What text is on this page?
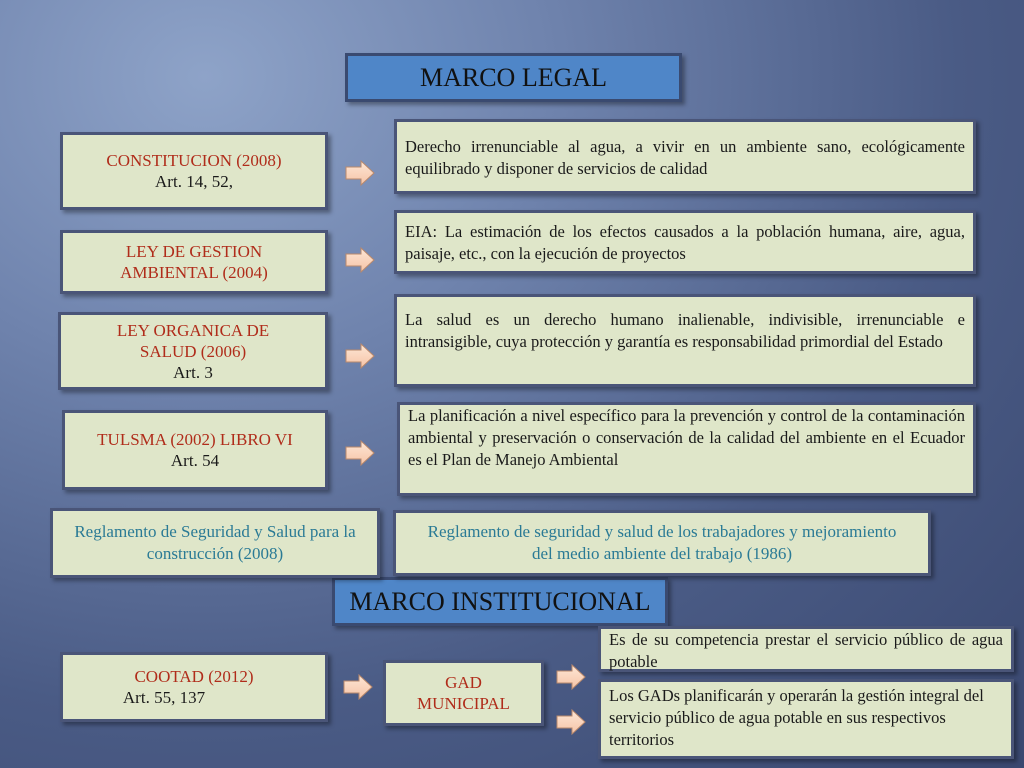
MARCO LEGAL
MARCO INSTITUCIONAL
CONSTITUCION (2008)
Art. 14, 52,
LEY DE GESTION AMBIENTAL (2004)
LEY ORGANICA DE SALUD (2006)
Art. 3
TULSMA (2002) LIBRO VI
Art. 54
Derecho irrenunciable al agua, a vivir en un ambiente sano, ecológicamente equilibrado y disponer de servicios de calidad
EIA: La estimación de los efectos causados a la población humana, aire, agua, paisaje, etc., con la ejecución de proyectos
La salud es un derecho humano inalienable, indivisible, irrenunciable e intransigible, cuya protección y garantía es responsabilidad primordial del Estado
La planificación a nivel específico para la prevención y control de la contaminación ambiental y preservación o conservación de la calidad del ambiente en el Ecuador es el Plan de Manejo Ambiental
Reglamento de Seguridad y Salud para la construcción (2008)
Reglamento de seguridad y salud de los trabajadores y mejoramiento del medio ambiente del trabajo (1986)
COOTAD (2012)
Art. 55, 137
GAD MUNICIPAL
Es de su competencia prestar el servicio público de agua potable
Los GADs planificarán y operarán la gestión integral del servicio público de agua potable en sus respectivos territorios
